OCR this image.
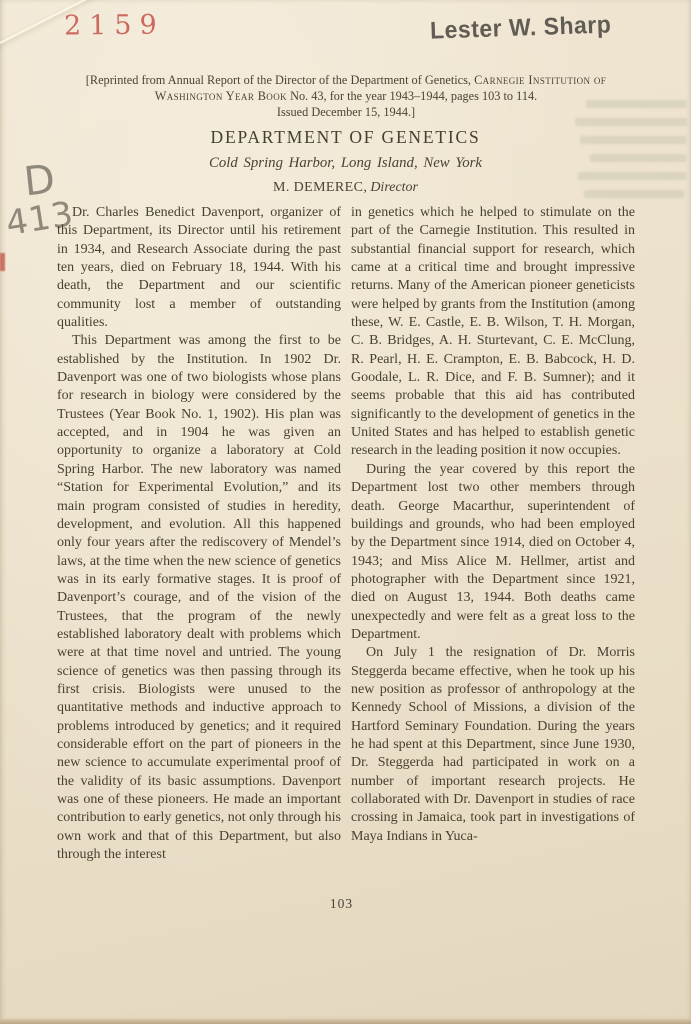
2159	Lester W. Sharp
[Reprinted from Annual Report of the Director of the Department of Genetics, Carnegie Institution of Washington Year Book No. 43, for the year 1943–1944, pages 103 to 114.
Issued December 15, 1944.]
DEPARTMENT OF GENETICS
Cold Spring Harbor, Long Island, New York
M. DEMEREC, Director
D
413

Dr. Charles Benedict Davenport, organizer of this Department, its Director until his retirement in 1934, and Research Associate during the past ten years, died on February 18, 1944. With his death, the Department and our scientific community lost a member of outstanding qualities.

This Department was among the first to be established by the Institution. In 1902 Dr. Davenport was one of two biologists whose plans for research in biology were considered by the Trustees (Year Book No. 1, 1902). His plan was accepted, and in 1904 he was given an opportunity to organize a laboratory at Cold Spring Harbor. The new laboratory was named “Station for Experimental Evolution,” and its main program consisted of studies in heredity, development, and evolution. All this happened only four years after the rediscovery of Mendel’s laws, at the time when the new science of genetics was in its early formative stages. It is proof of Davenport’s courage, and of the vision of the Trustees, that the program of the newly established laboratory dealt with problems which were at that time novel and untried. The young science of genetics was then passing through its first crisis. Biologists were unused to the quantitative methods and inductive approach to problems introduced by genetics; and it required considerable effort on the part of pioneers in the new science to accumulate experimental proof of the validity of its basic assumptions. Davenport was one of these pioneers. He made an important contribution to early genetics, not only through his own work and that of this Department, but also through the interest

in genetics which he helped to stimulate on the part of the Carnegie Institution. This resulted in substantial financial support for research, which came at a critical time and brought impressive returns. Many of the American pioneer geneticists were helped by grants from the Institution (among these, W. E. Castle, E. B. Wilson, T. H. Morgan, C. B. Bridges, A. H. Sturtevant, C. E. McClung, R. Pearl, H. E. Crampton, E. B. Babcock, H. D. Goodale, L. R. Dice, and F. B. Sumner); and it seems probable that this aid has contributed significantly to the development of genetics in the United States and has helped to establish genetic research in the leading position it now occupies.

During the year covered by this report the Department lost two other members through death. George Macarthur, superintendent of buildings and grounds, who had been employed by the Department since 1914, died on October 4, 1943; and Miss Alice M. Hellmer, artist and photographer with the Department since 1921, died on August 13, 1944. Both deaths came unexpectedly and were felt as a great loss to the Department.

On July 1 the resignation of Dr. Morris Steggerda became effective, when he took up his new position as professor of anthropology at the Kennedy School of Missions, a division of the Hartford Seminary Foundation. During the years he had spent at this Department, since June 1930, Dr. Steggerda had participated in work on a number of important research projects. He collaborated with Dr. Davenport in studies of race crossing in Jamaica, took part in investigations of Maya Indians in Yuca-

103
